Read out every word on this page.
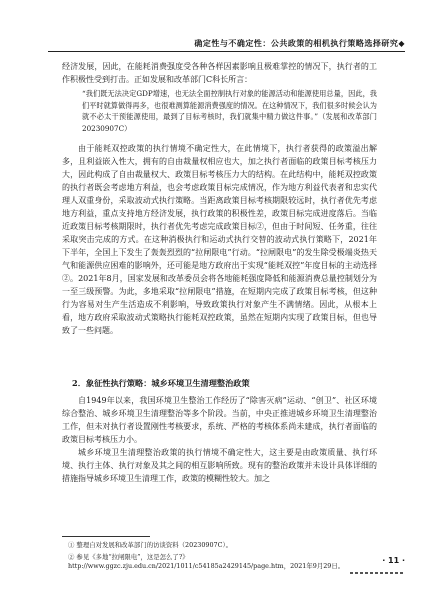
确定性与不确定性：公共政策的相机执行策略选择研究◆
经济发展，因此，在能耗消费强度受各种各样因素影响且极难掌控的情况下，执行者的工作积极性受到打击。正如发展和改革部门C科长所言：
“我们既无法决定GDP增速，也无法全面控制执行对象的能源活动和能源使用总量，因此，我们平时就算做得再多，也很难测算能源消费强度的情况。在这种情况下，我们很多时候会认为就不必太干预能源使用，最到了目标考核时，我们就集中精力做这件事。”（发展和改革部门20230907C）
由于能耗双控政策的执行情境不确定性大，在此情境下，执行者获得的政策溢出解多，且利益嵌入性大，拥有的自由裁量权相应也大，加之执行者面临的政策目标考核压力大，因此构成了自由裁量权大、政策目标考核压力大的结构。在此结构中，能耗双控政策的执行者既会考虑地方利益，也会考虑政策目标完成情况，作为地方利益代表者和忠实代理人双重身份，采取波动式执行策略。当距离政策目标考核期限较远时，执行者优先考虑地方利益，重点支持地方经济发展，执行政策的积极性差，政策目标完成进度落后。当临近政策目标考核期限时，执行者优先考虑完成政策目标②，但由于时间短、任务重，往往采取突击完成的方式。在这种消极执行和运动式执行交替的波动式执行策略下，2021年下半年，全国上下发生了轰轰烈烈的“拉闸限电”行动。“拉闸限电”的发生除受极端炎热天气和能源供应困难的影响外，还可能是地方政府出于实现“能耗双控”年度目标的主动选择②。2021年8月，国家发展和改革委员会将各地能耗强度降低和能源消费总量控制划分为一至三级预警。为此，多地采取“拉闸限电”措施，在短期内完成了政策目标考核，但这种行为容易对生产生活造成不利影响，导致政策执行对象产生不满情绪。因此，从根本上看，地方政府采取波动式策略执行能耗双控政策，虽然在短期内实现了政策目标，但也导致了一些问题。
2．象征性执行策略：城乡环境卫生清理整治政策
自1949年以来，我国环境卫生整治工作经历了“除害灭病”运动、“创卫”、社区环境综合整治、城乡环境卫生清理整治等多个阶段。当前，中央正推进城乡环境卫生清理整治工作，但未对执行者设置刚性考核要求，系统、严格的考核体系尚未建成，执行者面临的政策目标考核压力小。
城乡环境卫生清理整治政策的执行情境不确定性大，这主要是由政策质量、执行环境、执行主体、执行对象及其之间的相互影响所致。现有的整治政策并未设计具体详细的措施指导城乡环境卫生清理工作，政策的模糊性较大。加之
① 整理自对发展和改革部门的访谈资料（20230907C）。
② 参见《多地“拉闸限电”，这是怎么了?》http://www.ggzc.zju.edu.cn/2021/1011/c54185a2429145/page.htm，2021年9月29日。
· 11 ·
